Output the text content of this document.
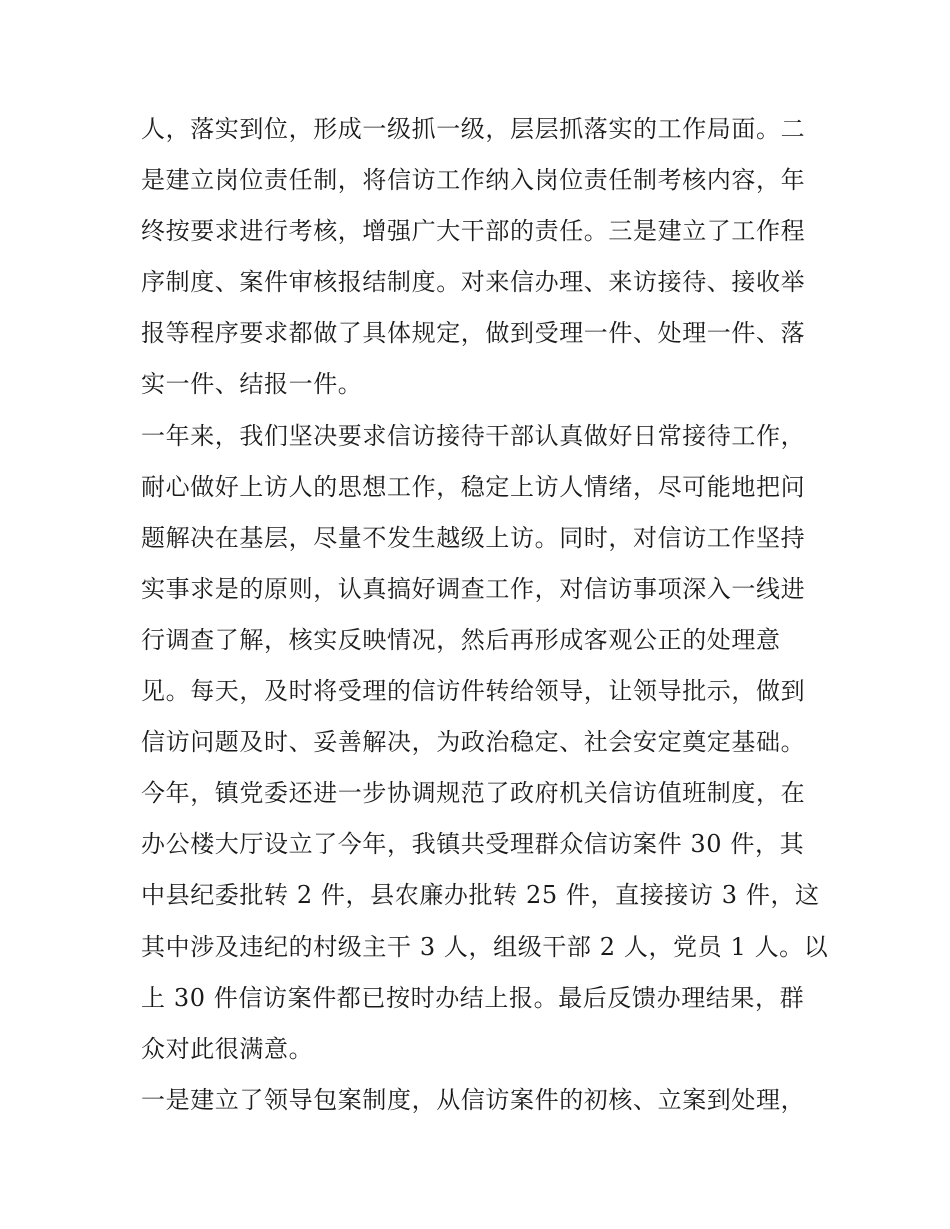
人，落实到位，形成一级抓一级，层层抓落实的工作局面。二
是建立岗位责任制，将信访工作纳入岗位责任制考核内容，年
终按要求进行考核，增强广大干部的责任。三是建立了工作程
序制度、案件审核报结制度。对来信办理、来访接待、接收举
报等程序要求都做了具体规定，做到受理一件、处理一件、落
实一件、结报一件。
一年来，我们坚决要求信访接待干部认真做好日常接待工作，
耐心做好上访人的思想工作，稳定上访人情绪，尽可能地把问
题解决在基层，尽量不发生越级上访。同时，对信访工作坚持
实事求是的原则，认真搞好调查工作，对信访事项深入一线进
行调查了解，核实反映情况，然后再形成客观公正的处理意
见。每天，及时将受理的信访件转给领导，让领导批示，做到
信访问题及时、妥善解决，为政治稳定、社会安定奠定基础。
今年，镇党委还进一步协调规范了政府机关信访值班制度，在
办公楼大厅设立了今年，我镇共受理群众信访案件 30 件，其
中县纪委批转 2 件，县农廉办批转 25 件，直接接访 3 件，这
其中涉及违纪的村级主干 3 人，组级干部 2 人，党员 1 人。以
上 30 件信访案件都已按时办结上报。最后反馈办理结果，群
众对此很满意。
一是建立了领导包案制度，从信访案件的初核、立案到处理，
